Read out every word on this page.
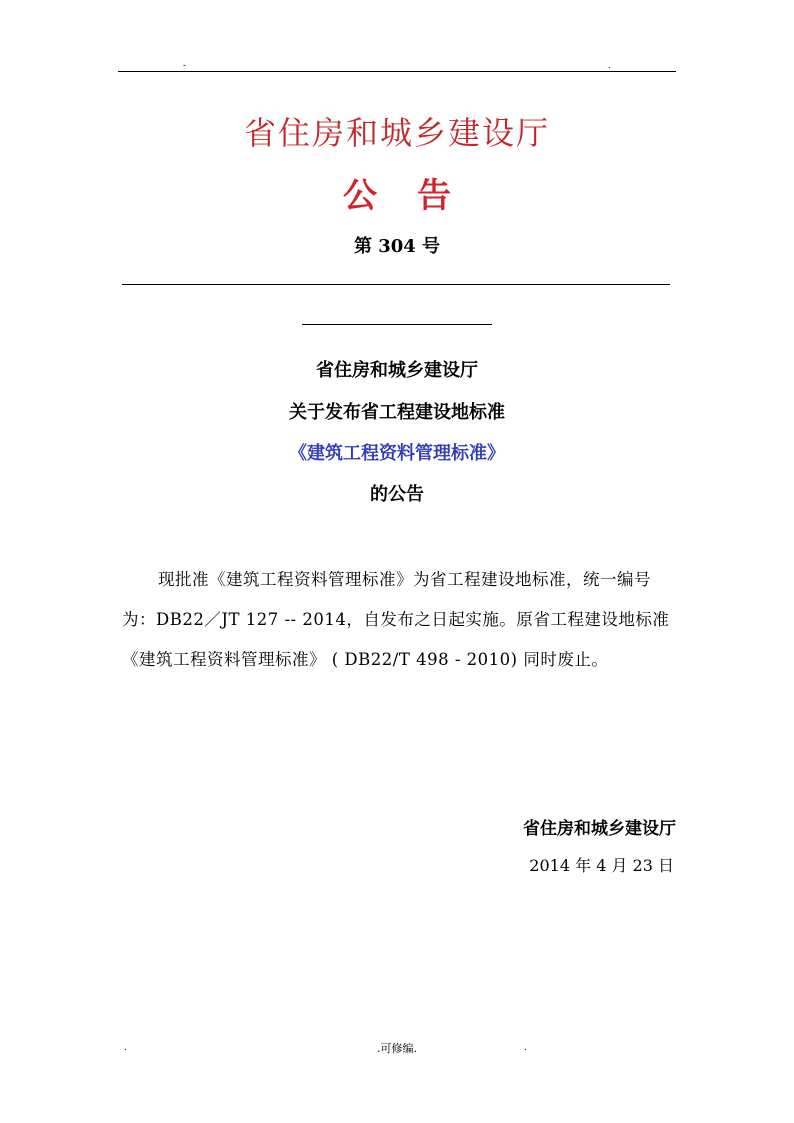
-	.
省住房和城乡建设厅
公告
第 304 号
省住房和城乡建设厅
关于发布省工程建设地标准
《建筑工程资料管理标准》
的公告
现批准《建筑工程资料管理标准》为省工程建设地标准，统一编号为：DB22／JT 127 -- 2014，自发布之日起实施。原省工程建设地标准《建筑工程资料管理标准》 ( DB22/T 498 - 2010) 同时废止。
省住房和城乡建设厅
2014 年 4 月 23 日
.	.可修编.	.
